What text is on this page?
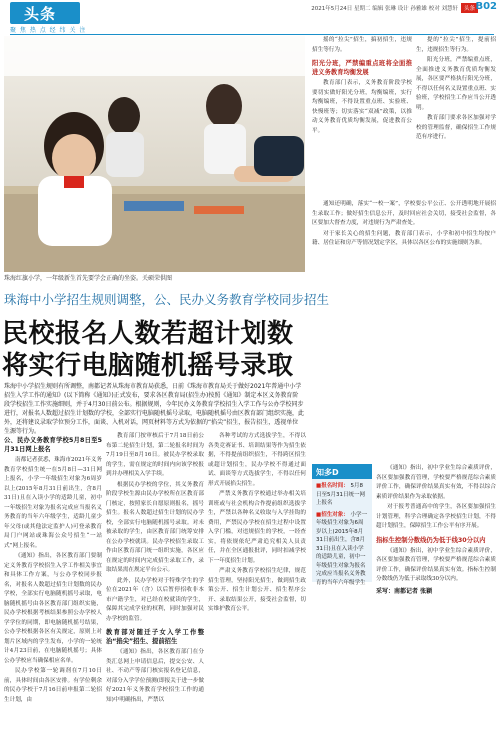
头条
聚 焦 热 点 经 纬 关 注
2021年5月24日 星期二 编辑 张琳 设计 孙雅雄 校对 刘慧轩	头条 B02
珠海红旗小学，一年级新生首先要学会正确的坐姿。关硕荣供图
珠海中小学招生规则调整，公、民办义务教育学校同步招生
民校报名人数若超计划数
将实行电脑随机摇号录取
珠海中小学招生规则有所调整，南都记者从珠海市教育局获悉，日前《珠海市教育局关于做好2021年普通中小学招生入学工作的通知》(以下简称《通知》)正式发布，要求各区教育局(招生办)按照《通知》制定本区义务教育阶段学校招生工作实施细则，并于4月30日前公布。根据规则，今年民办义务教育学校招生入学工作与公办学校同步进行，对报名人数超过招生计划数的学校，全部实行电脑随机摇号录取，电脑随机摇号由区教育部门组织实施，此外，还将建议录取学位预分工作，面谈、入机对话，网页材料等方式为依据的“掐尖”招生，报告招生，透视单位生源等行为。
公、民办义务教育学校5月8日至5月31日网上报名

南都记者获悉，珠海市2021年义务教育学校招生统一在5月8日—31日网上报名，小学一年级招生对象为6周岁以上(2015年8月31日前出生，含8月31日)且在入读小学的适龄儿童，初中一年级招生对象为报名完成应当报名义务教育的当年六年级学生，适龄儿童少年父母(或其他法定监护人)可登录教育局门户网站或珠海公众号招生“一站式”网上报名。

《通知》指出，各区教育部门要制定义务教育学校招生入学工作相关事宜和具体工作方案，与公办学校同步报名，对报名人数超过招生计划数的民办学校，全部实行电脑随机摇号录取，电脑随机摇号由各区教育部门组织实施，民办学校根据考核结果参照公办学校人学学位的同期，即电脑随机摇号结果，公办学校根据各区有关规定，原则上对划片区域内的学生发布，小学的一轮统计4月23日前，在电脑随机摇号；具体公办学校应当确保相应名单。

民办学校第一轮调剂在7月10日前，具体时间由各区安排。有学位剩余的民办学校于7月16日前申报第二轮招生计划，由

教育部门按审核后于7月18日前公布第二轮招生计划，第二轮报名时间为7月19日至8月16日。被民办学校录取的学生，需在规定的时间内向该学校报到并办理相关入学手续。

根据民办学校的学位，其义务教育阶段学校生源由民办学校所在区教育部门核定，按照家长自愿原则报名，摇号招生。报名人数超过招生计划的民办学校，全部实行电脑随机摇号录取。对未被录取的学生，由区教育部门统筹安排在公办学校就读。民办学校招生录取工作由区教育部门统一组织实施，各区应在规定的时间内完成招生录取工作，录取结果需在规定平台公示。

此外，民办学校对于特殊学生的学位在2021年（含）以后暂停招收非本市户籍学生，对已经在校就读的学生，保障其完成学业的权利，同时加强对民办学校的监管。

教育部对随迁子女入学工作整治“掐尖”招生、提前招生

《通知》指出，各区教育部门在分类汇总网上申请信息后，提交公安、人社、不动产等部门核实报名登记信息，对部分入学学位预测(即报关于进一步做好2021年义务教育学校招生工作的通知)中明确指出，严禁以

各种考试的方式选拔学生，不得以各类竞赛证书、培训结果等作为招生依据，不得提前组织招生，不得跨区招生或超计划招生，民办学校不得通过面试、面谈等方式选拔学生，不得以任何形式开展掐尖招生。

严禁义务教育学校通过举办相关培训班或与社会机构合作提前组织选拔学生，严禁以各种名义收取与入学挂钩的费用，严禁民办学校在招生过程中设置入学门槛，对违规招生的学校，一经查实，将依规依纪严肃追究相关人员责任，并在全区通报批评，同时扣减学校下一年度招生计划。

严肃义务教育学校招生纪律，规范招生管理，坚持阳光招生，做到招生政策公开、招生计划公开、招生程序公开、录取结果公开，接受社会监督，切实维护教育公平。

摇的“拉尖”招生，搞初招生，违规招生等行为。

阳光分班，严禁编重点班将全面推进义务教育均衡发展

教育部门表示，义务教育阶段学校要切实做好阳光分班，均衡编班，实行均衡编班，不得设置重点班、实验班、快慢班等；切实落实“双减”政策，以推动义务教育优质均衡发展，促进教育公平。

提的“拉尖”招生，提前招生，违规招生等行为。

阳光分班，严禁编重点班，全面推进义务教育优质均衡发展，各区要严格执行阳光分班，不得以任何名义设置重点班、实验班，学校招生工作应当公开透明。

教育部门要求各区加强对学校的管理监督，确保招生工作规范有序进行。

通知还明确，落实“一校一案”，学校要公平公正、公开透明地开展招生录取工作；做好招生信息公开，及时回应社会关切，接受社会监督，各区要加大督查力度，对违规行为严肃查处。

对于家长关心的招生问题，教育部门表示，小学和初中招生均按户籍、居住证和房产等情况划定学区，具体以各区公布的实施细则为准。

知多D
■报名时间： 5月8日至5月31日统一网上报名
■招生对象： 小学一年级招生对象为6周岁以上(2015年8月31日前出生，含8月31日)且在入读小学的适龄儿童，初中一年级招生对象为报名完成应当报名义务教育的当年六年级学生

《通知》指出，初中学业生综合素质评价，各区要加强教育管理，学校要严格规范综合素质评价工作，确保评价结果真实有效，不得以综合素质评价结果作为录取依据。

对于报考普通高中的学生，各区要加强招生计划管理，科学合理确定各学校招生计划，不得超计划招生，保障招生工作公平有序开展。

指标生控制分数线仍为低于线30分以内

《通知》指出，初中学业生综合素质评价，各区要加强教育管理，学校要严格规范综合素质评价工作，确保评价结果真实有效。指标生控制分数线仍为低于录取线30分以内。

采写：南都记者 张颖
